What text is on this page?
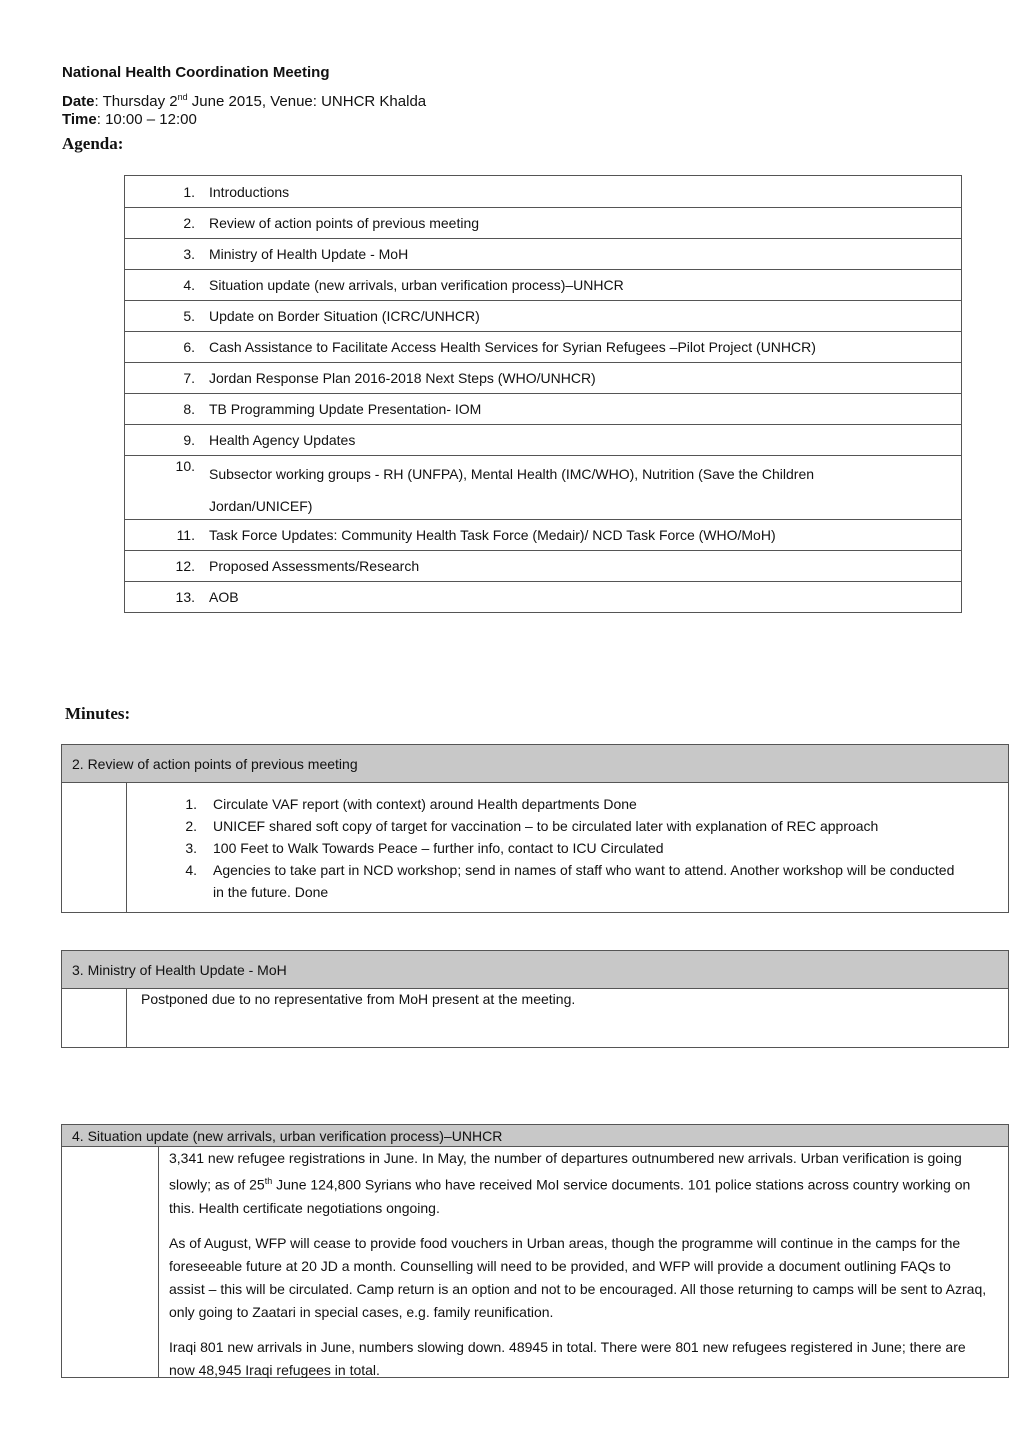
National Health Coordination Meeting
Date: Thursday 2nd June 2015, Venue: UNHCR Khalda
Time: 10:00 – 12:00
Agenda:
1.	Introductions
2.	Review of action points of previous meeting
3.	Ministry of Health Update - MoH
4.	Situation update (new arrivals, urban verification process)–UNHCR
5.	Update on Border Situation (ICRC/UNHCR)
6.	Cash Assistance to Facilitate Access Health Services for Syrian Refugees –Pilot Project (UNHCR)
7.	Jordan Response Plan 2016-2018 Next Steps (WHO/UNHCR)
8.	TB Programming Update Presentation- IOM
9.	Health Agency Updates
10.	Subsector working groups - RH (UNFPA), Mental Health (IMC/WHO), Nutrition (Save the Children
Jordan/UNICEF)
11.	Task Force Updates: Community Health Task Force (Medair)/ NCD Task Force (WHO/MoH)
12.	Proposed Assessments/Research
13.	AOB
Minutes:
2. Review of action points of previous meeting
1.	Circulate VAF report (with context) around Health departments Done
2.	UNICEF shared soft copy of target for vaccination – to be circulated later with explanation of REC approach
3.	100 Feet to Walk Towards Peace – further info, contact to ICU Circulated
4.	Agencies to take part in NCD workshop; send in names of staff who want to attend. Another workshop will be conducted in the future. Done
3. Ministry of Health Update - MoH
Postponed due to no representative from MoH present at the meeting.
4. Situation update (new arrivals, urban verification process)–UNHCR

3,341 new refugee registrations in June. In May, the number of departures outnumbered new arrivals. Urban verification is going slowly; as of 25th June 124,800 Syrians who have received MoI service documents. 101 police stations across country working on this. Health certificate negotiations ongoing.

As of August, WFP will cease to provide food vouchers in Urban areas, though the programme will continue in the camps for the foreseeable future at 20 JD a month. Counselling will need to be provided, and WFP will provide a document outlining FAQs to assist – this will be circulated. Camp return is an option and not to be encouraged. All those returning to camps will be sent to Azraq, only going to Zaatari in special cases, e.g. family reunification.

Iraqi 801 new arrivals in June, numbers slowing down. 48945 in total. There were 801 new refugees registered in June; there are now 48,945 Iraqi refugees in total.
